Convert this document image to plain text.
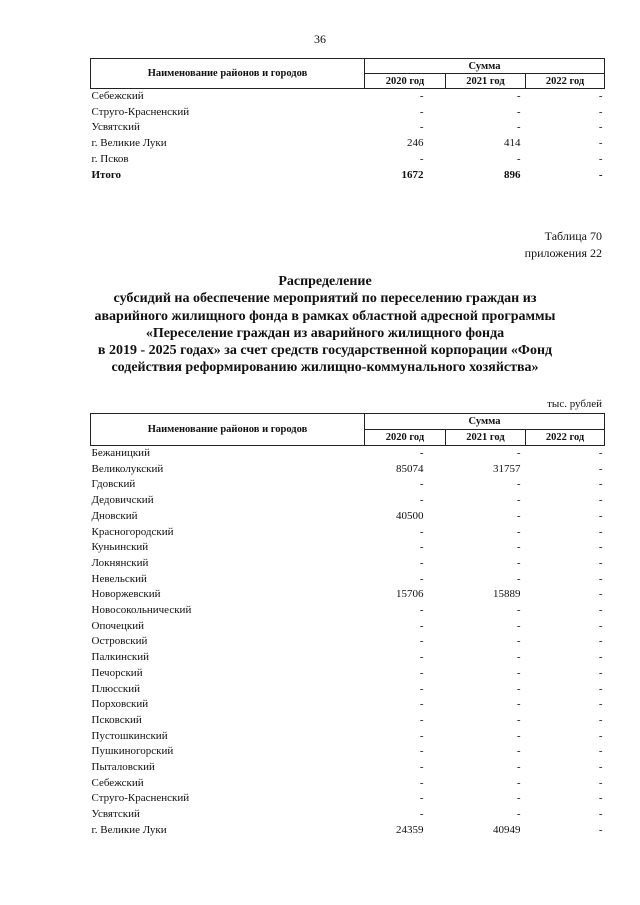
36
Наименование районов и городов	Сумма		
	2020 год	2021 год	2022 год
Себежский	-	-	-
Струго-Красненский	-	-	-
Усвятский	-	-	-
г. Великие Луки	246	414	-
г. Псков	-	-	-
Итого	1672	896	-
Таблица 70
приложения 22
Распределение
субсидий на обеспечение мероприятий по переселению граждан из
аварийного жилищного фонда в рамках областной адресной программы
«Переселение граждан из аварийного жилищного фонда
в 2019 - 2025 годах» за счет средств государственной корпорации «Фонд
содействия реформированию жилищно-коммунального хозяйства»
тыс. рублей
Наименование районов и городов	Сумма		
	2020 год	2021 год	2022 год
Бежаницкий	-	-	-
Великолукский	85074	31757	-
Гдовский	-	-	-
Дедовичский	-	-	-
Дновский	40500	-	-
Красногородский	-	-	-
Куньинский	-	-	-
Локнянский	-	-	-
Невельский	-	-	-
Новоржевский	15706	15889	-
Новосокольнический	-	-	-
Опочецкий	-	-	-
Островский	-	-	-
Палкинский	-	-	-
Печорский	-	-	-
Плюсский	-	-	-
Порховский	-	-	-
Псковский	-	-	-
Пустошкинский	-	-	-
Пушкиногорский	-	-	-
Пыталовский	-	-	-
Себежский	-	-	-
Струго-Красненский	-	-	-
Усвятский	-	-	-
г. Великие Луки	24359	40949	-
